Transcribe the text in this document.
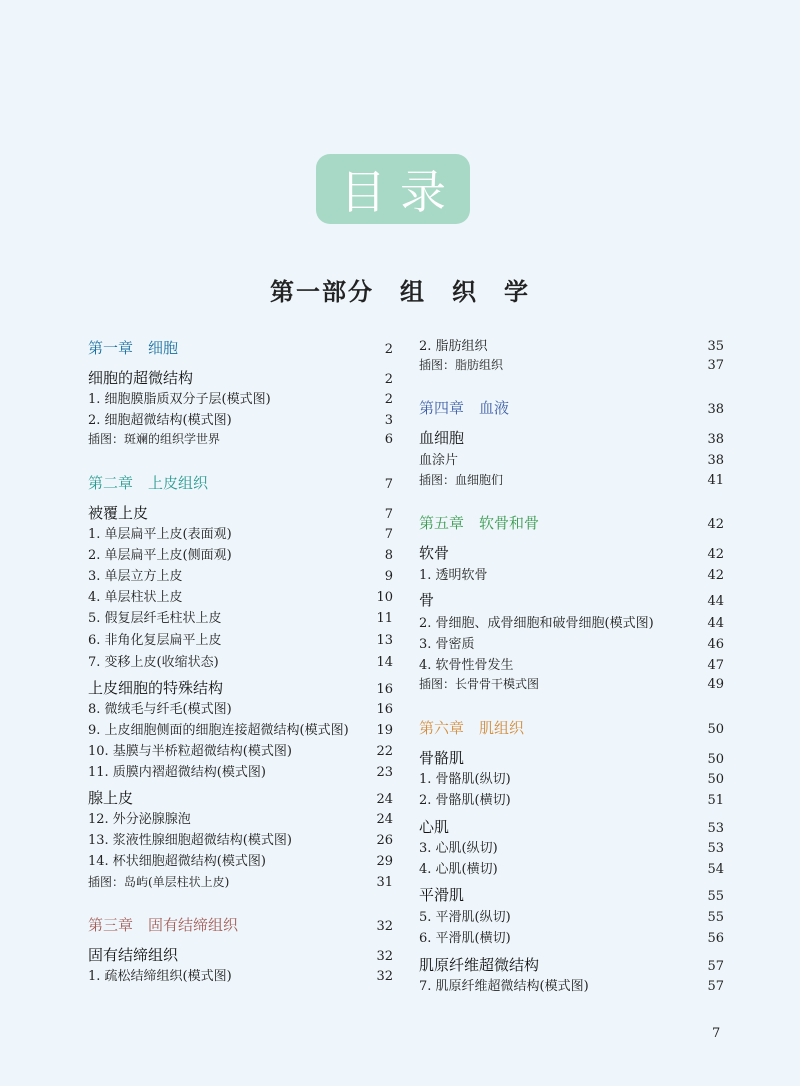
目录
第一部分　组　织　学
第一章　细胞	2
细胞的超微结构	2
1. 细胞膜脂质双分子层(模式图)	2
2. 细胞超微结构(模式图)	3
插图：斑斓的组织学世界	6
第二章　上皮组织	7
被覆上皮	7
1. 单层扁平上皮(表面观)	7
2. 单层扁平上皮(侧面观)	8
3. 单层立方上皮	9
4. 单层柱状上皮	10
5. 假复层纤毛柱状上皮	11
6. 非角化复层扁平上皮	13
7. 变移上皮(收缩状态)	14
上皮细胞的特殊结构	16
8. 微绒毛与纤毛(模式图)	16
9. 上皮细胞侧面的细胞连接超微结构(模式图) 19
10. 基膜与半桥粒超微结构(模式图)	22
11. 质膜内褶超微结构(模式图)	23
腺上皮	24
12. 外分泌腺腺泡	24
13. 浆液性腺细胞超微结构(模式图)	26
14. 杯状细胞超微结构(模式图)	29
插图：岛屿(单层柱状上皮)	31
第三章　固有结缔组织	32
固有结缔组织	32
1. 疏松结缔组织(模式图)	32
2. 脂肪组织	35
插图：脂肪组织	37
第四章　血液	38
血细胞	38
血涂片	38
插图：血细胞们	41
第五章　软骨和骨	42
软骨	42
1. 透明软骨	42
骨	44
2. 骨细胞、成骨细胞和破骨细胞(模式图)	44
3. 骨密质	46
4. 软骨性骨发生	47
插图：长骨骨干模式图	49
第六章　肌组织	50
骨骼肌	50
1. 骨骼肌(纵切)	50
2. 骨骼肌(横切)	51
心肌	53
3. 心肌(纵切)	53
4. 心肌(横切)	54
平滑肌	55
5. 平滑肌(纵切)	55
6. 平滑肌(横切)	56
肌原纤维超微结构	57
7. 肌原纤维超微结构(模式图)	57
7
